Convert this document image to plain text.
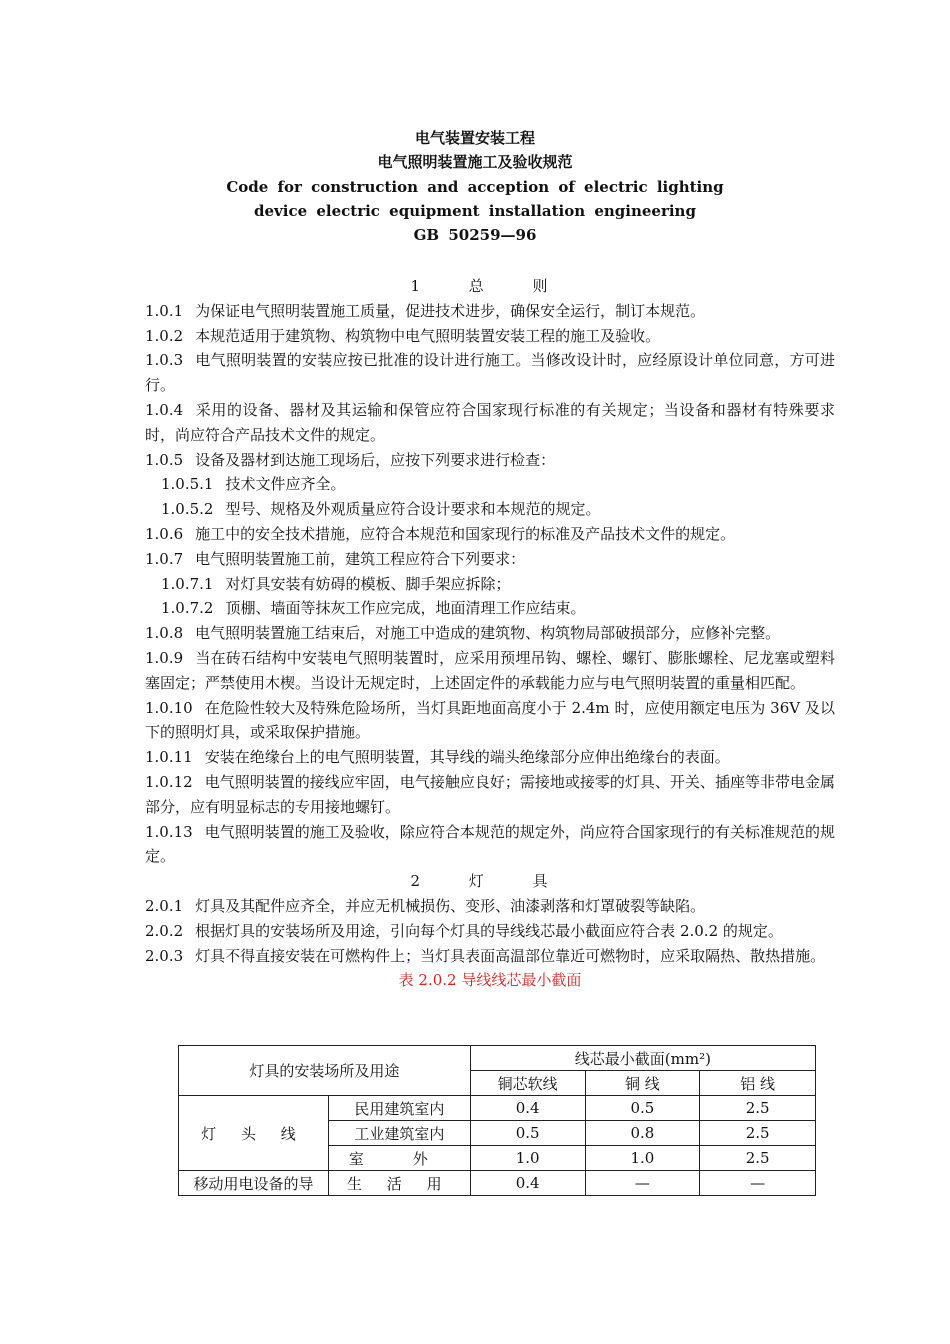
电气装置安装工程
电气照明装置施工及验收规范
Code for construction and acception of electric lighting
device electric equipment installation engineering
GB 50259—96

1 总 则

1.0.1 为保证电气照明装置施工质量，促进技术进步，确保安全运行，制订本规范。

1.0.2 本规范适用于建筑物、构筑物中电气照明装置安装工程的施工及验收。

1.0.3 电气照明装置的安装应按已批准的设计进行施工。当修改设计时，应经原设计单位同意，方可进行。

1.0.4 采用的设备、器材及其运输和保管应符合国家现行标准的有关规定；当设备和器材有特殊要求时，尚应符合产品技术文件的规定。

1.0.5 设备及器材到达施工现场后，应按下列要求进行检查：

1.0.5.1 技术文件应齐全。

1.0.5.2 型号、规格及外观质量应符合设计要求和本规范的规定。

1.0.6 施工中的安全技术措施，应符合本规范和国家现行的标准及产品技术文件的规定。

1.0.7 电气照明装置施工前，建筑工程应符合下列要求：

1.0.7.1 对灯具安装有妨碍的模板、脚手架应拆除；

1.0.7.2 顶棚、墙面等抹灰工作应完成，地面清理工作应结束。

1.0.8 电气照明装置施工结束后，对施工中造成的建筑物、构筑物局部破损部分，应修补完整。

1.0.9 当在砖石结构中安装电气照明装置时，应采用预埋吊钩、螺栓、螺钉、膨胀螺栓、尼龙塞或塑料塞固定；严禁使用木楔。当设计无规定时，上述固定件的承载能力应与电气照明装置的重量相匹配。

1.0.10 在危险性较大及特殊危险场所，当灯具距地面高度小于 2.4m 时，应使用额定电压为 36V 及以下的照明灯具，或采取保护措施。

1.0.11 安装在绝缘台上的电气照明装置，其导线的端头绝缘部分应伸出绝缘台的表面。

1.0.12 电气照明装置的接线应牢固，电气接触应良好；需接地或接零的灯具、开关、插座等非带电金属部分，应有明显标志的专用接地螺钉。

1.0.13 电气照明装置的施工及验收，除应符合本规范的规定外，尚应符合国家现行的有关标准规范的规定。

2 灯 具

2.0.1 灯具及其配件应齐全，并应无机械损伤、变形、油漆剥落和灯罩破裂等缺陷。

2.0.2 根据灯具的安装场所及用途，引向每个灯具的导线线芯最小截面应符合表 2.0.2 的规定。

2.0.3 灯具不得直接安装在可燃构件上；当灯具表面高温部位靠近可燃物时，应采取隔热、散热措施。

表 2.0.2 导线线芯最小截面

灯具的安装场所及用途		线芯最小截面(mm²)		
		铜芯软线	铜 线	铝 线
灯 头 线	民用建筑室内	0.4	0.5	2.5
	工业建筑室内	0.5	0.8	2.5
	室 外	1.0	1.0	2.5
移动用电设备的导	生 活 用	0.4	—	—
